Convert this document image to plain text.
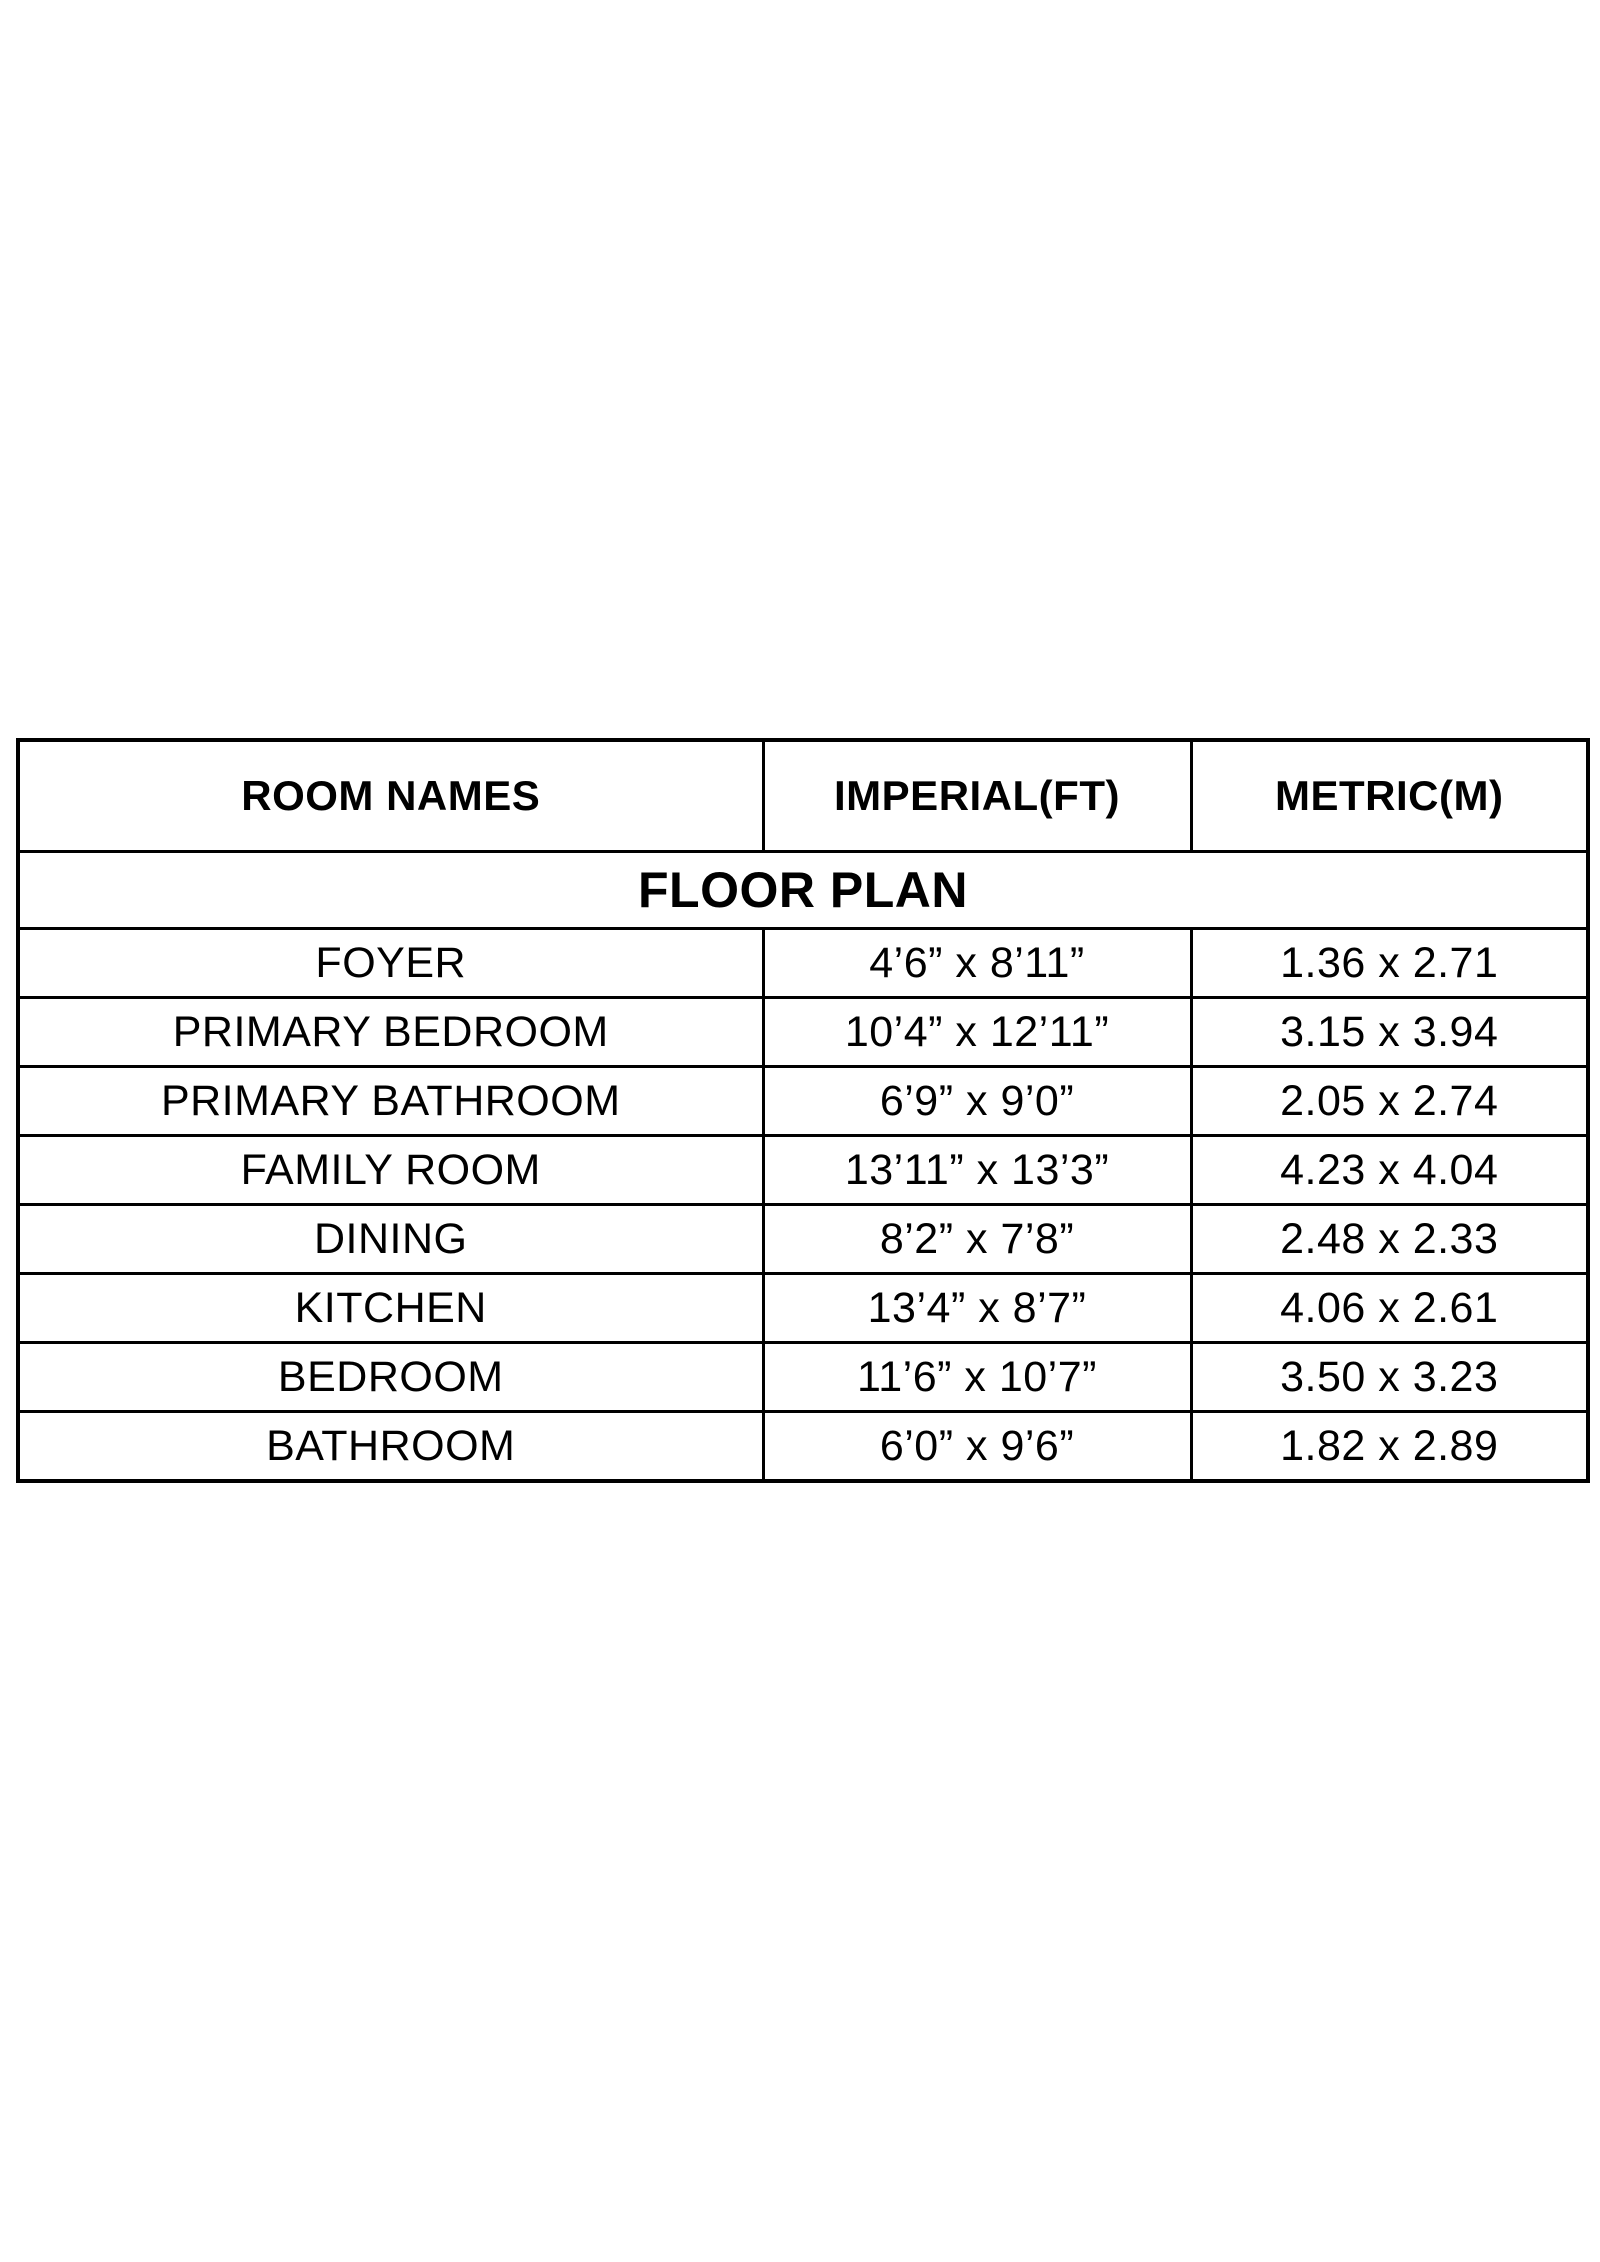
ROOM NAMES	IMPERIAL(FT)	METRIC(M)
FLOOR PLAN		
FOYER	4’6” x 8’11”	1.36 x 2.71
PRIMARY BEDROOM	10’4” x 12’11”	3.15 x 3.94
PRIMARY BATHROOM	6’9” x 9’0”	2.05 x 2.74
FAMILY ROOM	13’11” x 13’3”	4.23 x 4.04
DINING	8’2” x 7’8”	2.48 x 2.33
KITCHEN	13’4” x 8’7”	4.06 x 2.61
BEDROOM	11’6” x 10’7”	3.50 x 3.23
BATHROOM	6’0” x 9’6”	1.82 x 2.89
